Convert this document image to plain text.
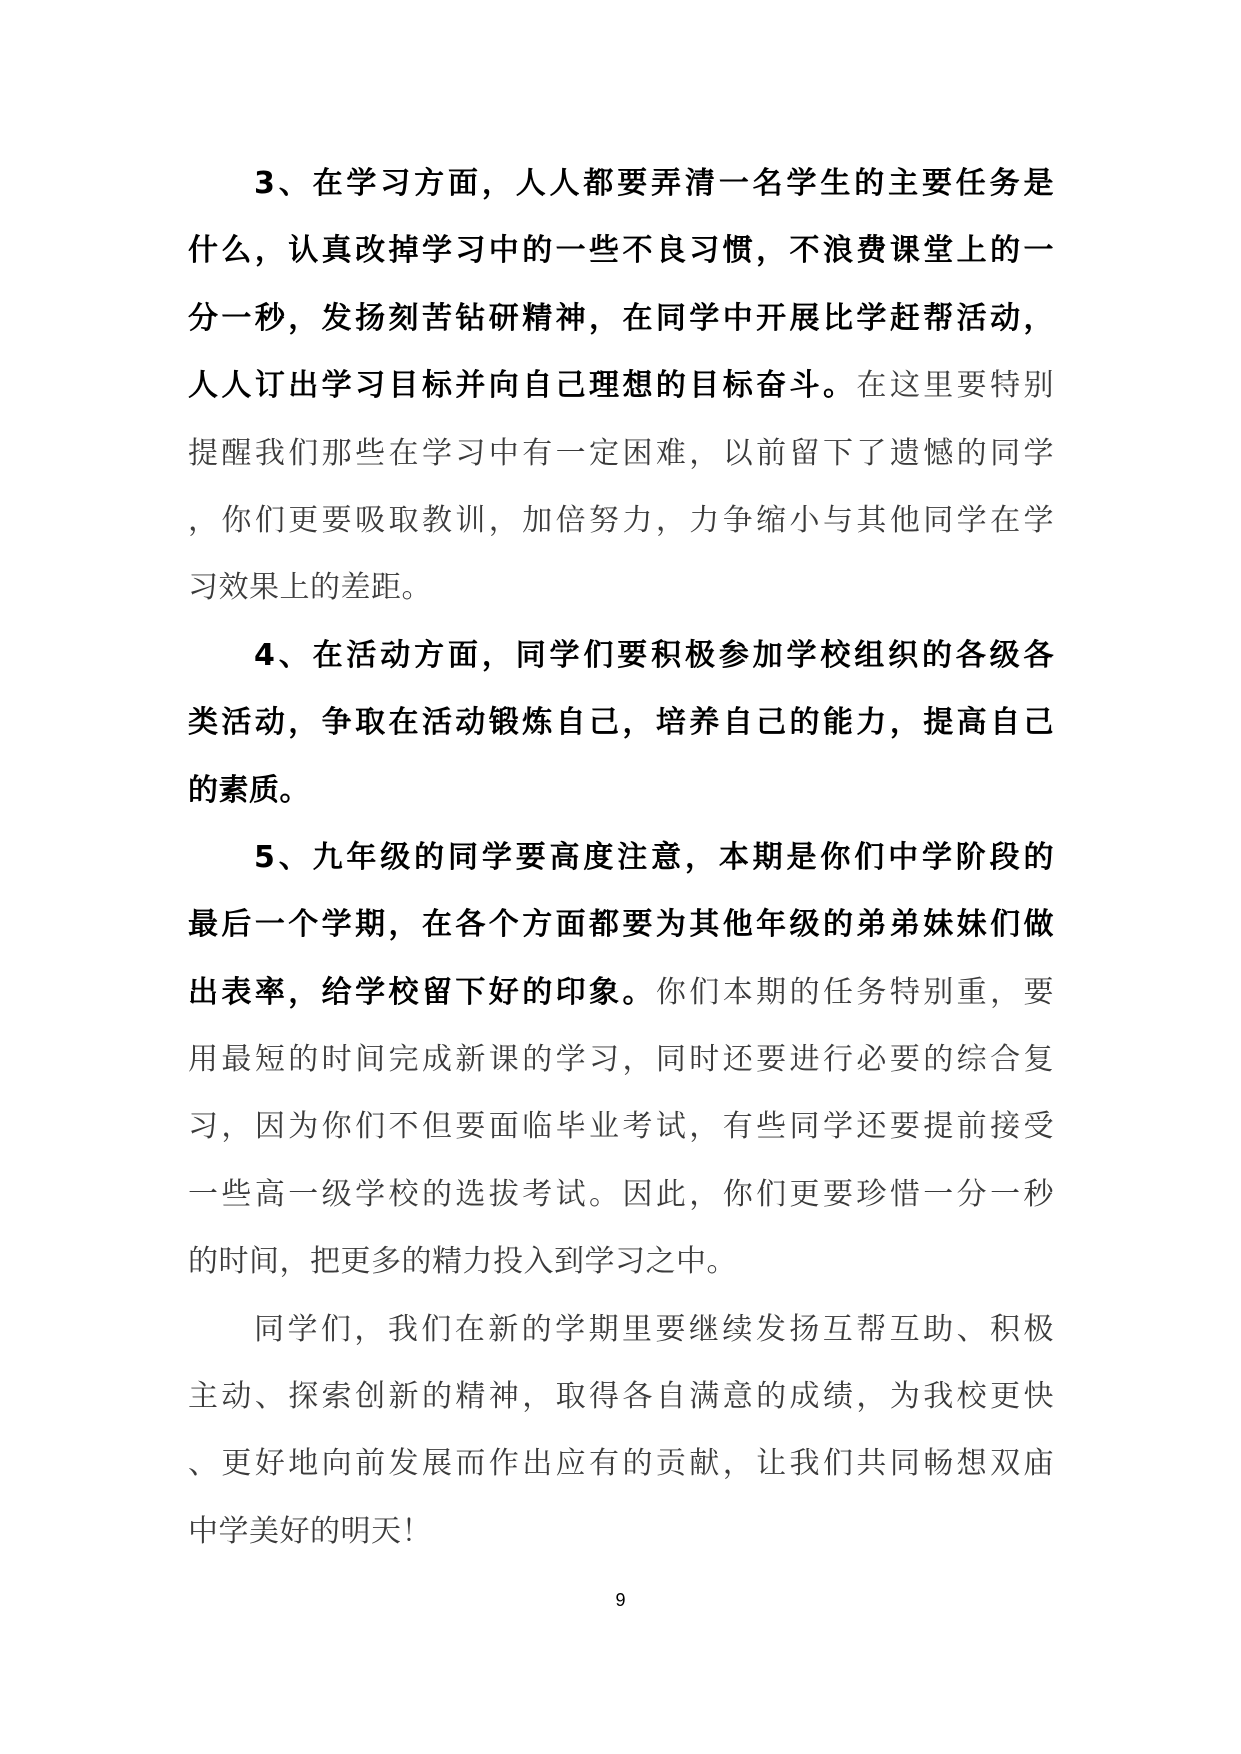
3、在学习方面，人人都要弄清一名学生的主要任务是
什么，认真改掉学习中的一些不良习惯，不浪费课堂上的一
分一秒，发扬刻苦钻研精神，在同学中开展比学赶帮活动，
人人订出学习目标并向自己理想的目标奋斗。在这里要特别
提醒我们那些在学习中有一定困难，以前留下了遗憾的同学
，你们更要吸取教训，加倍努力，力争缩小与其他同学在学
习效果上的差距。
4、在活动方面，同学们要积极参加学校组织的各级各
类活动，争取在活动锻炼自己，培养自己的能力，提高自己
的素质。
5、九年级的同学要高度注意，本期是你们中学阶段的
最后一个学期，在各个方面都要为其他年级的弟弟妹妹们做
出表率，给学校留下好的印象。你们本期的任务特别重，要
用最短的时间完成新课的学习，同时还要进行必要的综合复
习，因为你们不但要面临毕业考试，有些同学还要提前接受
一些高一级学校的选拔考试。因此，你们更要珍惜一分一秒
的时间，把更多的精力投入到学习之中。
同学们，我们在新的学期里要继续发扬互帮互助、积极
主动、探索创新的精神，取得各自满意的成绩，为我校更快
、更好地向前发展而作出应有的贡献，让我们共同畅想双庙
中学美好的明天！
9
